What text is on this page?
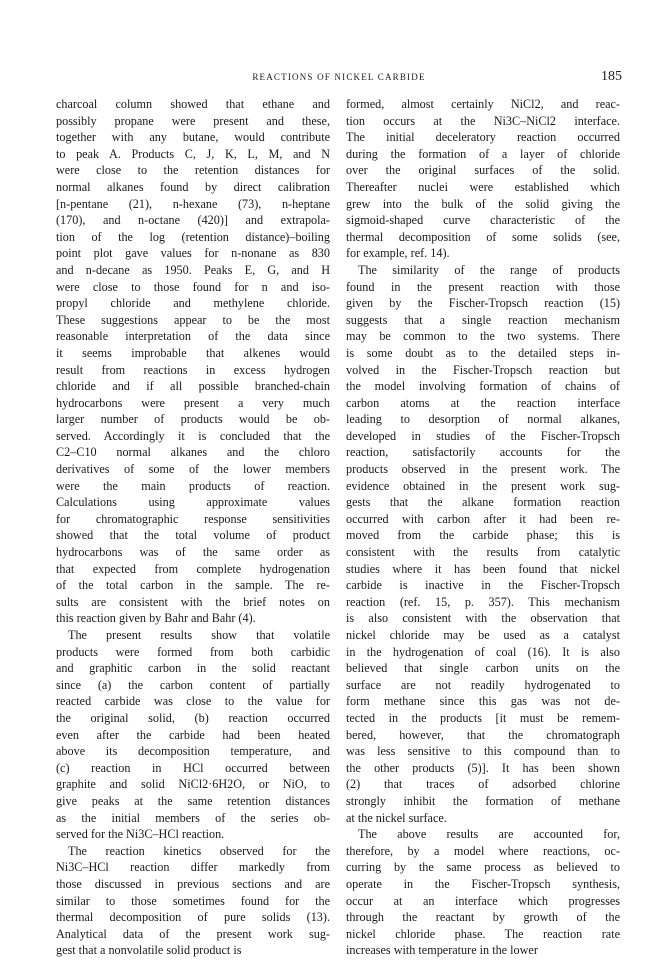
REACTIONS OF NICKEL CARBIDE	185
charcoal column showed that ethane and
possibly propane were present and these,
together with any butane, would contribute
to peak A. Products C, J, K, L, M, and N
were close to the retention distances for
normal alkanes found by direct calibration
[n-pentane (21), n-hexane (73), n-heptane
(170), and n-octane (420)] and extrapola-
tion of the log (retention distance)–boiling
point plot gave values for n-nonane as 830
and n-decane as 1950. Peaks E, G, and H
were close to those found for n and iso-
propyl chloride and methylene chloride.
These suggestions appear to be the most
reasonable interpretation of the data since
it seems improbable that alkenes would
result from reactions in excess hydrogen
chloride and if all possible branched-chain
hydrocarbons were present a very much
larger number of products would be ob-
served. Accordingly it is concluded that the
C2–C10 normal alkanes and the chloro
derivatives of some of the lower members
were the main products of reaction.
Calculations using approximate values
for chromatographic response sensitivities
showed that the total volume of product
hydrocarbons was of the same order as
that expected from complete hydrogenation
of the total carbon in the sample. The re-
sults are consistent with the brief notes on
this reaction given by Bahr and Bahr (4).
The present results show that volatile
products were formed from both carbidic
and graphitic carbon in the solid reactant
since (a) the carbon content of partially
reacted carbide was close to the value for
the original solid, (b) reaction occurred
even after the carbide had been heated
above its decomposition temperature, and
(c) reaction in HCl occurred between
graphite and solid NiCl2·6H2O, or NiO, to
give peaks at the same retention distances
as the initial members of the series ob-
served for the Ni3C–HCl reaction.
The reaction kinetics observed for the
Ni3C–HCl reaction differ markedly from
those discussed in previous sections and are
similar to those sometimes found for the
thermal decomposition of pure solids (13).
Analytical data of the present work sug-
gest that a nonvolatile solid product is
formed, almost certainly NiCl2, and reac-
tion occurs at the Ni3C–NiCl2 interface.
The initial deceleratory reaction occurred
during the formation of a layer of chloride
over the original surfaces of the solid.
Thereafter nuclei were established which
grew into the bulk of the solid giving the
sigmoid-shaped curve characteristic of the
thermal decomposition of some solids (see,
for example, ref. 14).
The similarity of the range of products
found in the present reaction with those
given by the Fischer-Tropsch reaction (15)
suggests that a single reaction mechanism
may be common to the two systems. There
is some doubt as to the detailed steps in-
volved in the Fischer-Tropsch reaction but
the model involving formation of chains of
carbon atoms at the reaction interface
leading to desorption of normal alkanes,
developed in studies of the Fischer-Tropsch
reaction, satisfactorily accounts for the
products observed in the present work. The
evidence obtained in the present work sug-
gests that the alkane formation reaction
occurred with carbon after it had been re-
moved from the carbide phase; this is
consistent with the results from catalytic
studies where it has been found that nickel
carbide is inactive in the Fischer-Tropsch
reaction (ref. 15, p. 357). This mechanism
is also consistent with the observation that
nickel chloride may be used as a catalyst
in the hydrogenation of coal (16). It is also
believed that single carbon units on the
surface are not readily hydrogenated to
form methane since this gas was not de-
tected in the products [it must be remem-
bered, however, that the chromatograph
was less sensitive to this compound than to
the other products (5)]. It has been shown
(2) that traces of adsorbed chlorine
strongly inhibit the formation of methane
at the nickel surface.
The above results are accounted for,
therefore, by a model where reactions, oc-
curring by the same process as believed to
operate in the Fischer-Tropsch synthesis,
occur at an interface which progresses
through the reactant by growth of the
nickel chloride phase. The reaction rate
increases with temperature in the lower
